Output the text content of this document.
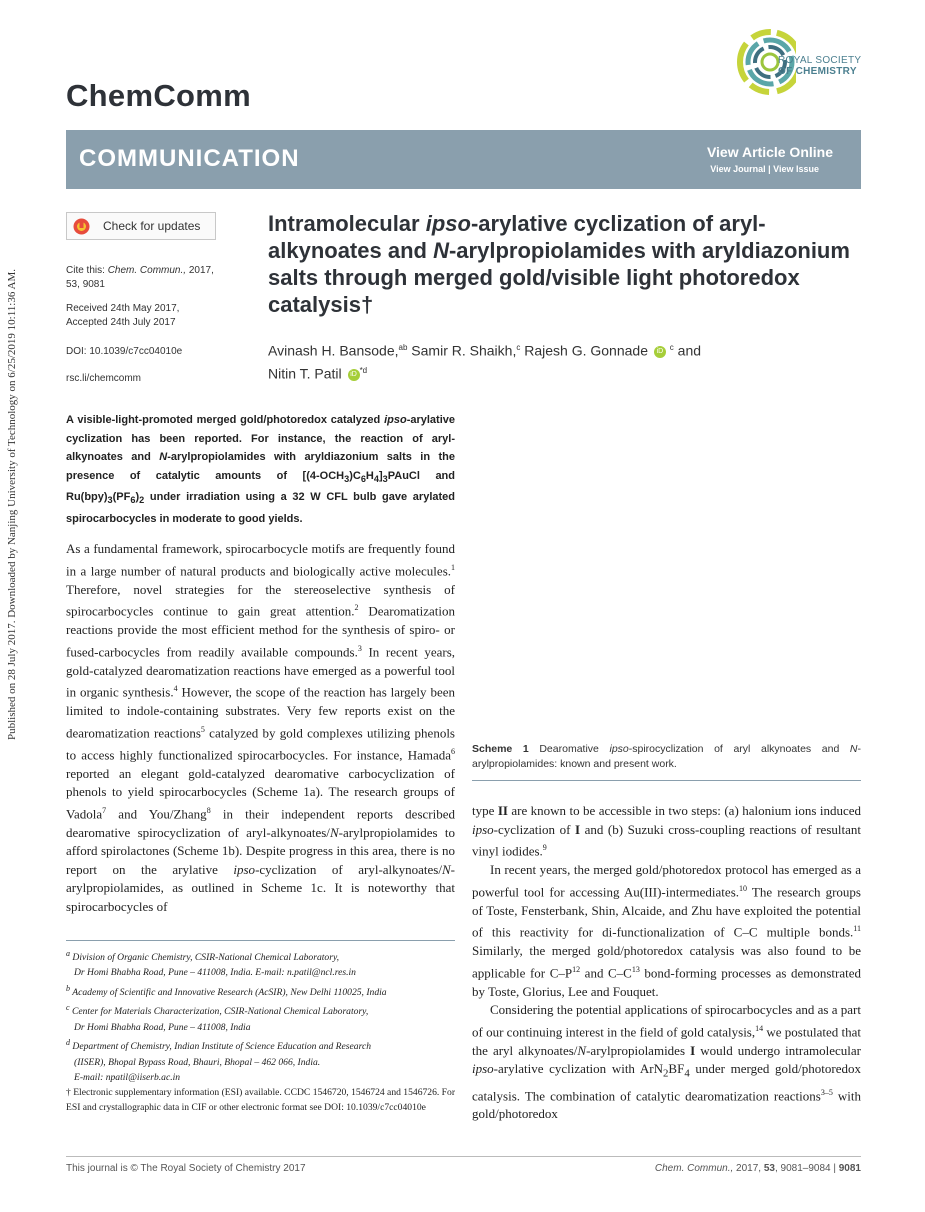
Published on 28 July 2017. Downloaded by Nanjing University of Technology on 6/25/2019 10:11:36 AM.
ChemComm
ROYAL SOCIETY
OF CHEMISTRY
COMMUNICATION	View Article Online
View Journal | View Issue
Check for updates
Cite this: Chem. Commun., 2017,
53, 9081
Received 24th May 2017,
Accepted 24th July 2017
DOI: 10.1039/c7cc04010e
rsc.li/chemcomm
Intramolecular ipso-arylative cyclization of aryl-alkynoates and N-arylpropiolamides with aryldiazonium salts through merged gold/visible light photoredox catalysis†
Avinash H. Bansode,$^{ab}$ Samir R. Shaikh,$^c$ Rajesh G. Gonnade iD $^c$ and
Nitin T. Patil iD $^{*d}$
A visible-light-promoted merged gold/photoredox catalyzed ipso-arylative cyclization has been reported. For instance, the reaction of aryl-alkynoates and N-arylpropiolamides with aryldiazonium salts in the presence of catalytic amounts of $[(4-OCH_3)C_6H_4]_3PAuCl$ and $Ru(bpy)_3(PF_6)_2$ under irradiation using a 32 W CFL bulb gave arylated spirocarbocycles in moderate to good yields.
As a fundamental framework, spirocarbocycle motifs are frequently found in a large number of natural products and biologically active molecules.$^1$ Therefore, novel strategies for the stereoselective synthesis of spirocarbocycles continue to gain great attention.$^2$ Dearomatization reactions provide the most efficient method for the synthesis of spiro- or fused-carbocycles from readily available compounds.$^3$ In recent years, gold-catalyzed dearomatization reactions have emerged as a powerful tool in organic synthesis.$^4$ However, the scope of the reaction has largely been limited to indole-containing substrates. Very few reports exist on the dearomatization reactions$^5$ catalyzed by gold complexes utilizing phenols to access highly functionalized spirocarbocycles. For instance, Hamada$^6$ reported an elegant gold-catalyzed dearomative carbocyclization of phenols to yield spirocarbocycles (Scheme 1a). The research groups of Vadola$^7$ and You/Zhang$^8$ in their independent reports described dearomative spirocyclization of aryl-alkynoates/N-arylpropiolamides to afford spirolactones (Scheme 1b). Despite progress in this area, there is no report on the arylative ipso-cyclization of aryl-alkynoates/N-arylpropiolamides, as outlined in Scheme 1c. It is noteworthy that spirocarbocycles of
$^a$ Division of Organic Chemistry, CSIR-National Chemical Laboratory,
Dr Homi Bhabha Road, Pune – 411008, India. E-mail: n.patil@ncl.res.in
$^b$ Academy of Scientific and Innovative Research (AcSIR), New Delhi 110025, India
$^c$ Center for Materials Characterization, CSIR-National Chemical Laboratory,
Dr Homi Bhabha Road, Pune – 411008, India
$^d$ Department of Chemistry, Indian Institute of Science Education and Research
(IISER), Bhopal Bypass Road, Bhauri, Bhopal – 462 066, India.
E-mail: npatil@iiserb.ac.in
† Electronic supplementary information (ESI) available. CCDC 1546720, 1546724 and 1546726. For ESI and crystallographic data in CIF or other electronic format see DOI: 10.1039/c7cc04010e
Scheme 1 Dearomative ipso-spirocyclization of aryl alkynoates and N-arylpropiolamides: known and present work.

type II are known to be accessible in two steps: (a) halonium ions induced ipso-cyclization of I and (b) Suzuki cross-coupling reactions of resultant vinyl iodides.$^9$

In recent years, the merged gold/photoredox protocol has emerged as a powerful tool for accessing Au(III)-intermediates.$^{10}$ The research groups of Toste, Fensterbank, Shin, Alcaide, and Zhu have exploited the potential of this reactivity for di-functionalization of C–C multiple bonds.$^{11}$ Similarly, the merged gold/photoredox catalysis was also found to be applicable for $C-P^{12}$ and $C-C^{13}$ bond-forming processes as demonstrated by Toste, Glorius, Lee and Fouquet.

Considering the potential applications of spirocarbocycles and as a part of our continuing interest in the field of gold catalysis,$^{14}$ we postulated that the aryl alkynoates/N-arylpropiolamides I would undergo intramolecular ipso-arylative cyclization with $ArN_2BF_4$ under merged gold/photoredox catalysis. The combination of catalytic dearomatization reactions$^{3-5}$ with gold/photoredox

This journal is © The Royal Society of Chemistry 2017	Chem. Commun., 2017, 53, 9081–9084 | 9081
